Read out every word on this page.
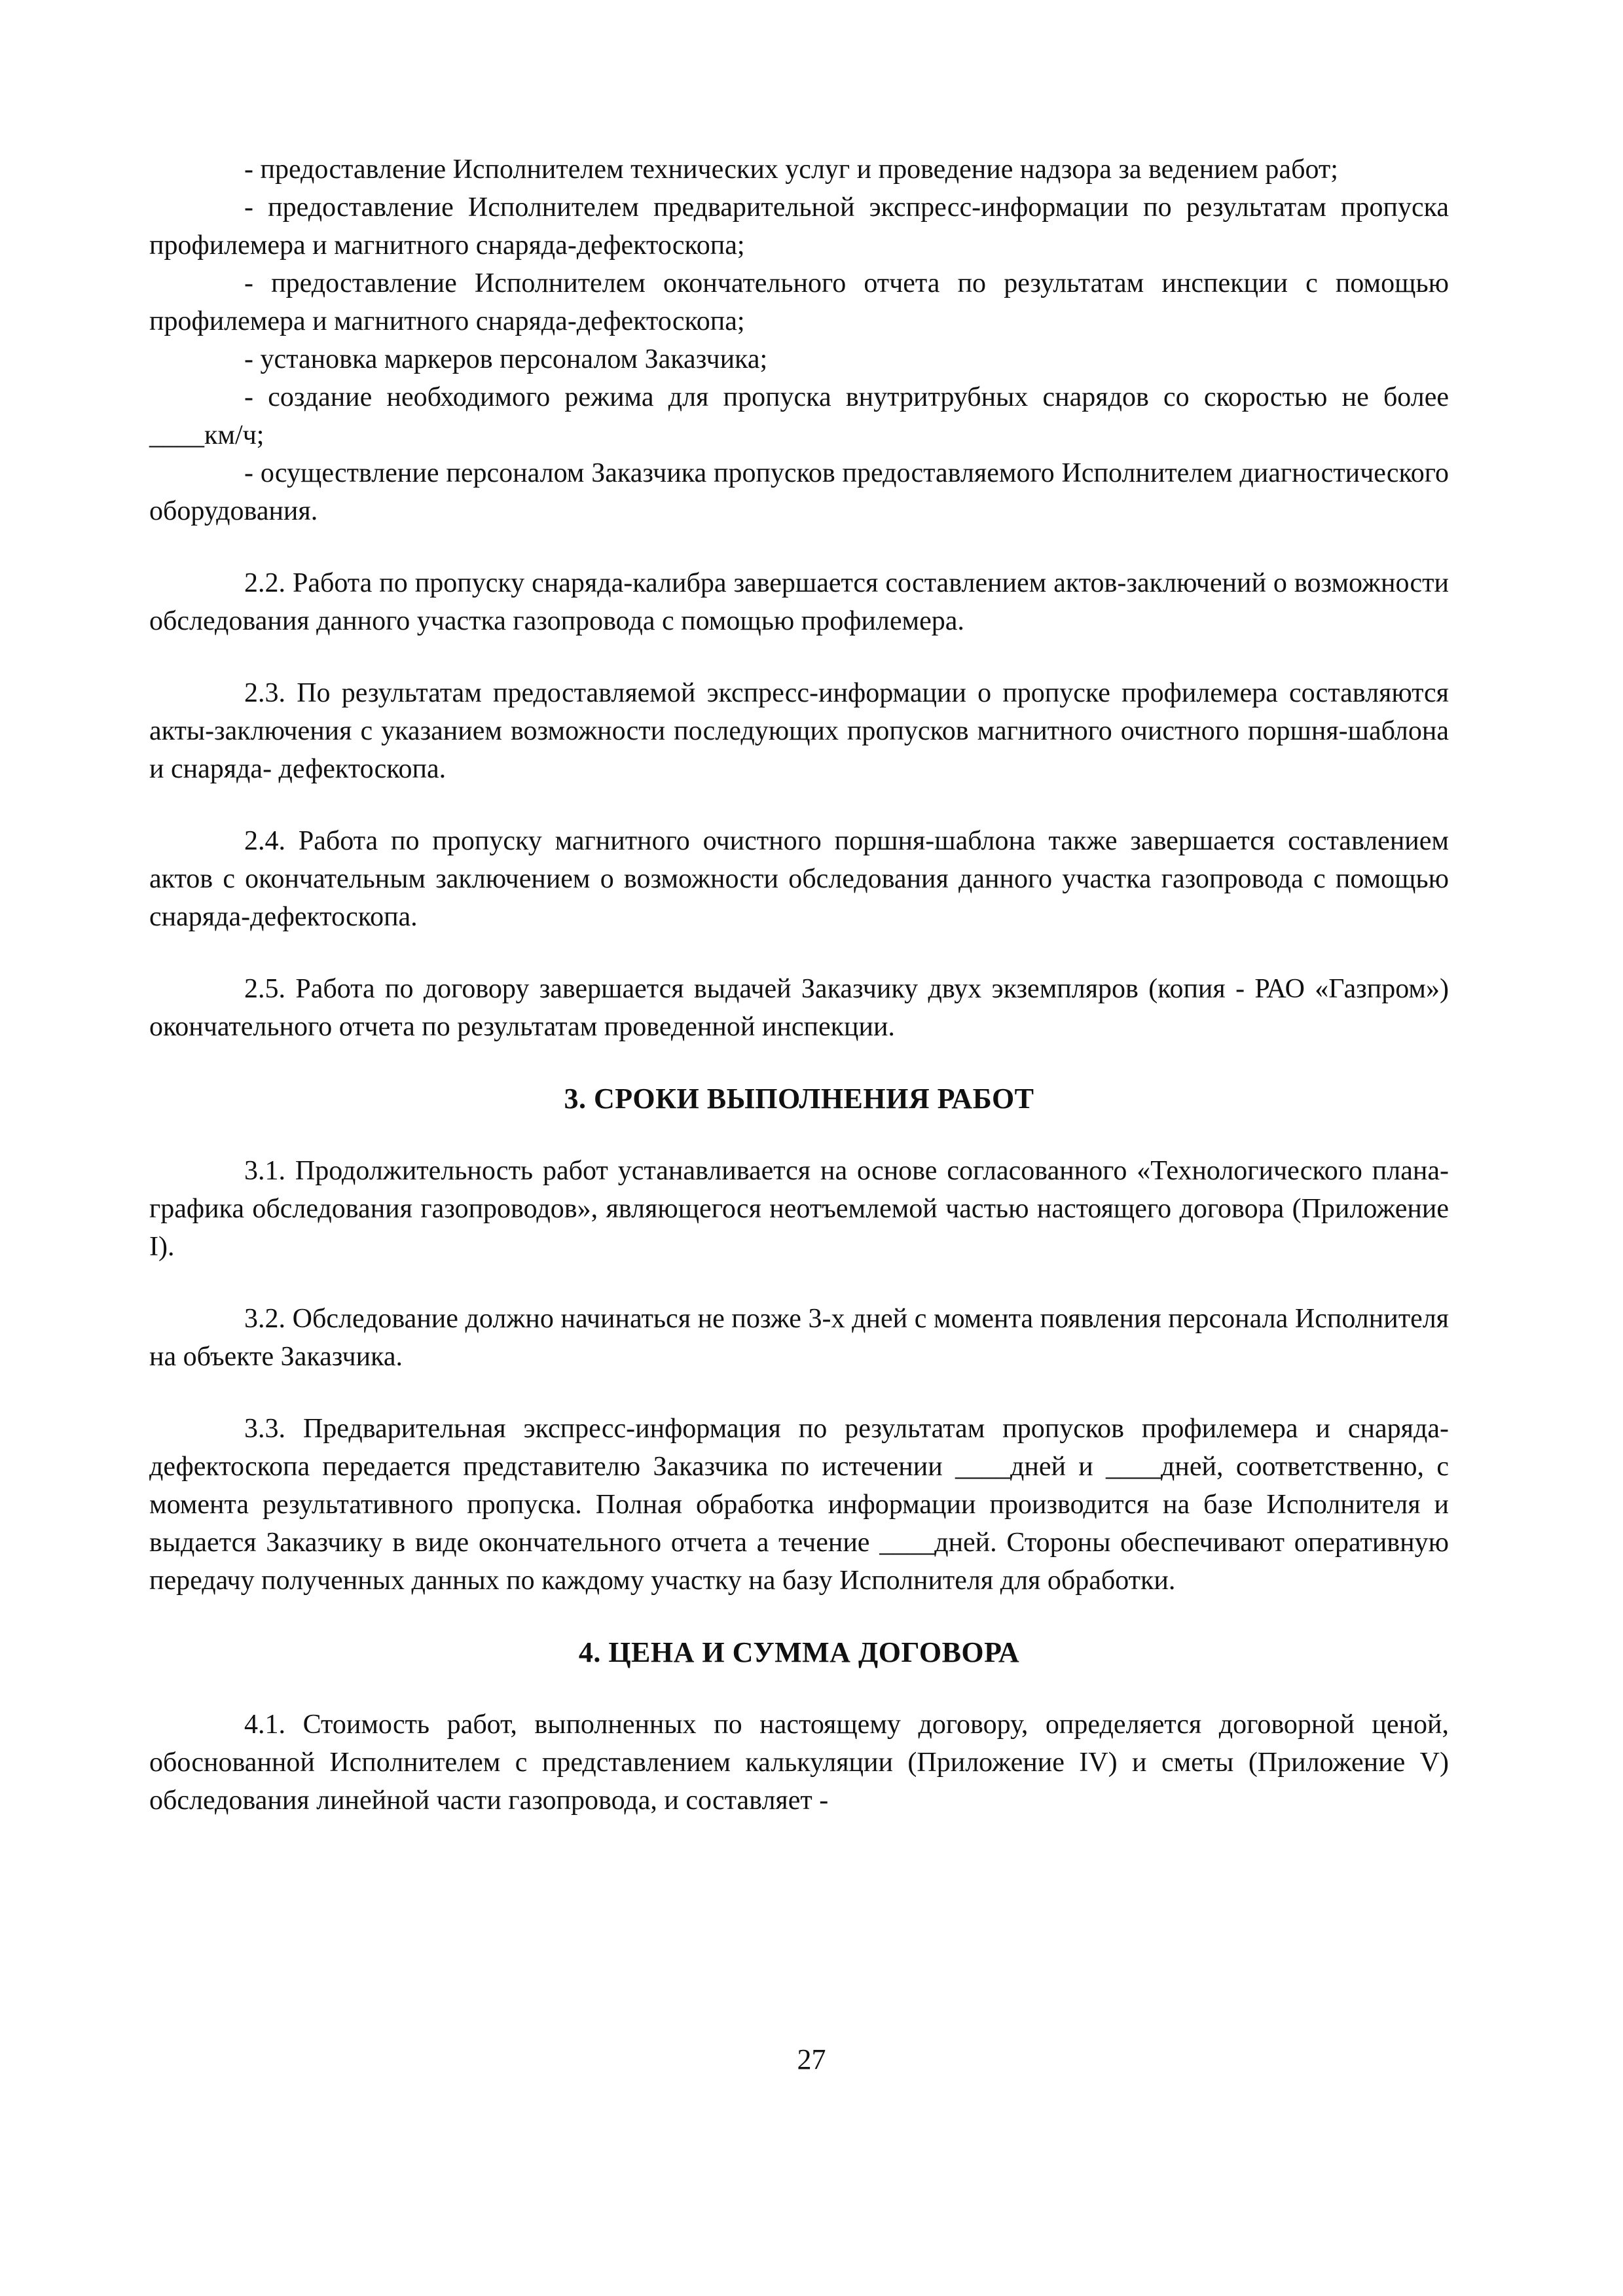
- предоставление Исполнителем технических услуг и проведение надзора за ведением работ;

- предоставление Исполнителем предварительной экспресс-информации по результатам пропуска профилемера и магнитного снаряда-дефектоскопа;

- предоставление Исполнителем окончательного отчета по результатам инспекции с помощью профилемера и магнитного снаряда-дефектоскопа;

- установка маркеров персоналом Заказчика;

- создание необходимого режима для пропуска внутритрубных снарядов со скоростью не более ____км/ч;

- осуществление персоналом Заказчика пропусков предоставляемого Исполнителем диагностического оборудования.

2.2. Работа по пропуску снаряда-калибра завершается составлением актов-заключений о возможности обследования данного участка газопровода с помощью профилемера.

2.3. По результатам предоставляемой экспресс-информации о пропуске профилемера составляются акты-заключения с указанием возможности последующих пропусков магнитного очистного поршня-шаблона и снаряда- дефектоскопа.

2.4. Работа по пропуску магнитного очистного поршня-шаблона также завершается составлением актов с окончательным заключением о возможности обследования данного участка газопровода с помощью снаряда-дефектоскопа.

2.5. Работа по договору завершается выдачей Заказчику двух экземпляров (копия - РАО «Газпром») окончательного отчета по результатам проведенной инспекции.

3. СРОКИ ВЫПОЛНЕНИЯ РАБОТ

3.1. Продолжительность работ устанавливается на основе согласованного «Технологического плана-графика обследования газопроводов», являющегося неотъемлемой частью настоящего договора (Приложение I).

3.2. Обследование должно начинаться не позже 3-х дней с момента появления персонала Исполнителя на объекте Заказчика.

3.3. Предварительная экспресс-информация по результатам пропусков профилемера и снаряда-дефектоскопа передается представителю Заказчика по истечении ____дней и ____дней, соответственно, с момента результативного пропуска. Полная обработка информации производится на базе Исполнителя и выдается Заказчику в виде окончательного отчета а течение ____дней. Стороны обеспечивают оперативную передачу полученных данных по каждому участку на базу Исполнителя для обработки.

4. ЦЕНА И СУММА ДОГОВОРА

4.1. Стоимость работ, выполненных по настоящему договору, определяется договорной ценой, обоснованной Исполнителем с представлением калькуляции (Приложение IV) и сметы (Приложение V) обследования линейной части газопровода, и составляет -

27
